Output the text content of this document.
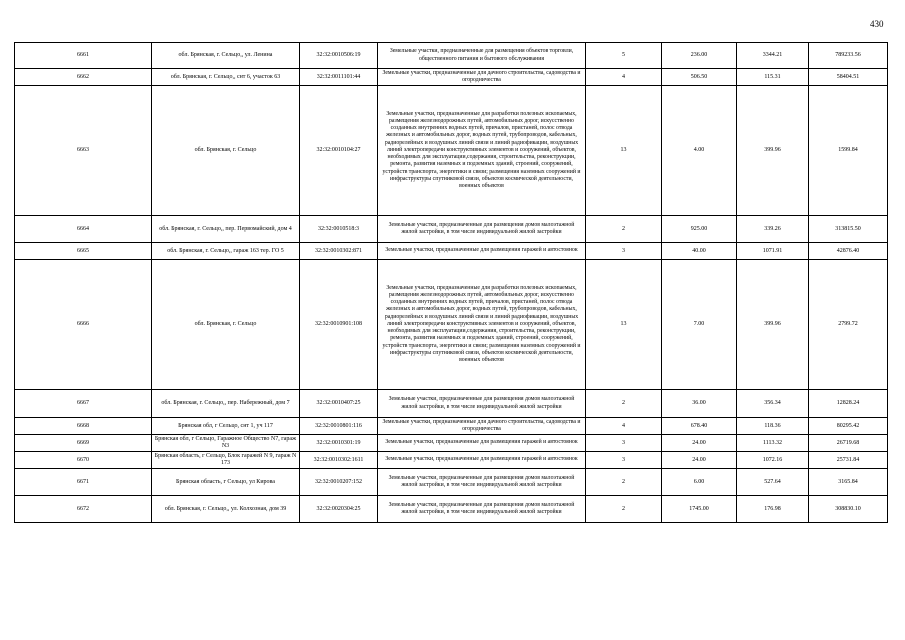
430
6661	обл. Брянская, г. Сельцо,, ул. Ленина	32:32:0010506:19	Земельные участки, предназначенные для размещения объектов торговли, общественного питания и бытового обслуживания	5	236.00	3344.21	789233.56
6662	обл. Брянская, г. Сельцо,, снт 6, участок 63	32:32:0011101:44	Земельные участки, предназначенные для дачного строительства, садоводства и огородничества	4	506.50	115.31	58404.51
6663	обл. Брянская, г. Сельцо	32:32:0010104:27	Земельные участки, предназначенные для разработки полезных ископаемых, размещения железнодорожных путей, автомобильных дорог, искусственно созданных внутренних водных путей, причалов, пристаней, полос отвода железных и автомобильных дорог, водных путей, трубопроводов, кабельных, радиорелейных и воздушных линий связи и линий радиофикации, воздушных линий электропередачи конструктивных элементов и сооружений, объектов, необходимых для эксплуатации,содержания, строительства, реконструкции, ремонта, развития наземных и подземных зданий, строений, сооружений, устройств транспорта, энергетики и связи; размещения наземных сооружений и инфраструктуры спутниковой связи, объектов космической деятельности, военных объектов	13	4.00	399.96	1599.84
6664	обл. Брянская, г. Сельцо,, пер. Первомайский, дом 4	32:32:0010518:3	Земельные участки, предназначенные для размещения домов малоэтажной жилой застройки, в том числе индивидуальной жилой застройки	2	925.00	339.26	313815.50
6665	обл. Брянская, г. Сельцо,, гараж 163 тер. ГО 5	32:32:0010302:871	Земельные участки, предназначенные для размещения гаражей и автостоянок	3	40.00	1071.91	42876.40
6666	обл. Брянская, г. Сельцо	32:32:0010901:108	Земельные участки, предназначенные для разработки полезных ископаемых, размещения железнодорожных путей, автомобильных дорог, искусственно созданных внутренних водных путей, причалов, пристаней, полос отвода железных и автомобильных дорог, водных путей, трубопроводов, кабельных, радиорелейных и воздушных линий связи и линий радиофикации, воздушных линий электропередачи конструктивных элементов и сооружений, объектов, необходимых для эксплуатации,содержания, строительства, реконструкции, ремонта, развития наземных и подземных зданий, строений, сооружений, устройств транспорта, энергетики и связи; размещения наземных сооружений и инфраструктуры спутниковой связи, объектов космической деятельности, военных объектов	13	7.00	399.96	2799.72
6667	обл. Брянская, г. Сельцо,, пер. Набережный, дом 7	32:32:0010407:25	Земельные участки, предназначенные для размещения домов малоэтажной жилой застройки, в том числе индивидуальной жилой застройки	2	36.00	356.34	12828.24
6668	Брянская обл, г Сельцо, снт 1, уч 117	32:32:0010801:116	Земельные участки, предназначенные для дачного строительства, садоводства и огородничества	4	678.40	118.36	80295.42
6669	Брянская обл, г Сельцо, Гаражное Общество N7, гараж N3	32:32:0010301:19	Земельные участки, предназначенные для размещения гаражей и автостоянок	3	24.00	1113.32	26719.68
6670	Брянская область, г Сельцо, Блок гаражей N 9, гараж N 173	32:32:0010302:1611	Земельные участки, предназначенные для размещения гаражей и автостоянок	3	24.00	1072.16	25731.84
6671	Брянская область, г Сельцо, ул Кирова	32:32:0010207:152	Земельные участки, предназначенные для размещения домов малоэтажной жилой застройки, в том числе индивидуальной жилой застройки	2	6.00	527.64	3165.84
6672	обл. Брянская, г. Сельцо,, ул. Колхозная, дом 39	32:32:0020304:25	Земельные участки, предназначенные для размещения домов малоэтажной жилой застройки, в том числе индивидуальной жилой застройки	2	1745.00	176.98	308830.10
